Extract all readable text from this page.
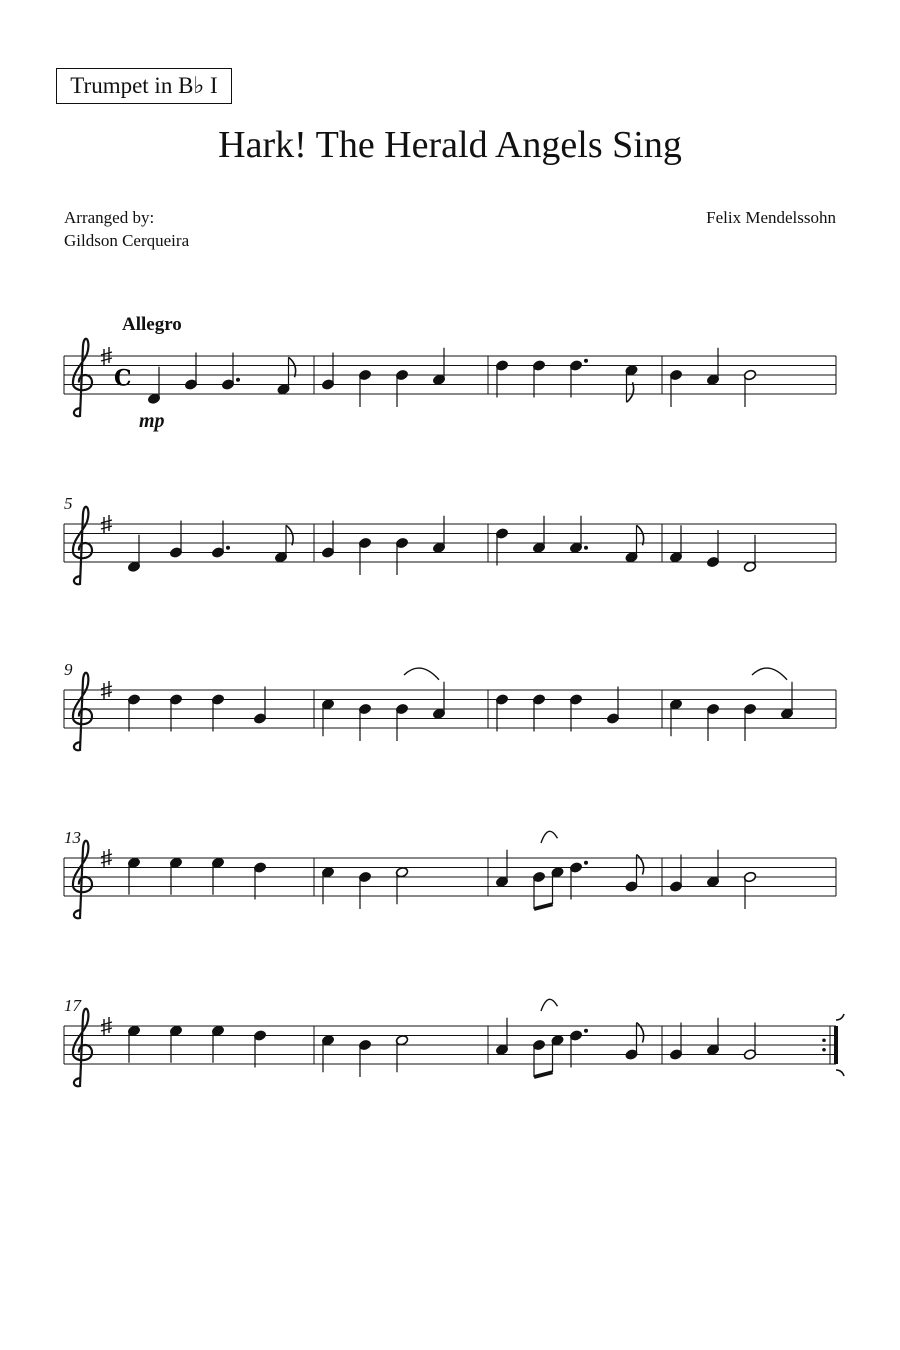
Trumpet in B♭ I
Hark! The Herald Angels Sing
Arranged by:
Gildson Cerqueira
Felix Mendelssohn
Allegro
mp
5
9
13
17
C
